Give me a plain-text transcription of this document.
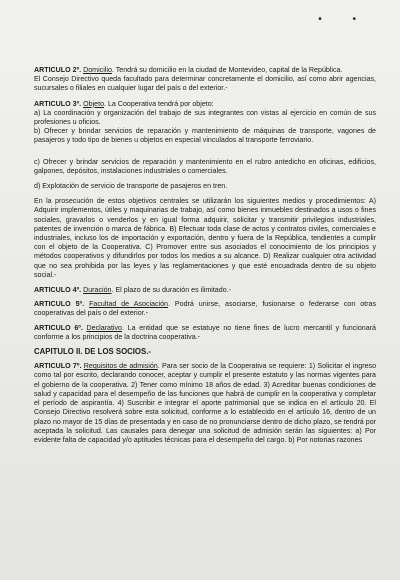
• •

ARTICULO 2º. Domicilio. Tendrá su domicilio en la ciudad de Montevideo, capital de la República.

El Consejo Directivo queda facultado para determinar concretamente el domicilio, así como abrir agencias, sucursales o filiales en cualquier lugar del país o del exterior.-

ARTICULO 3º. Objeto. La Cooperativa tendrá por objeto:

a) La coordinación y organización del trabajo de sus integrantes con vistas al ejercicio en común de sus profesiones u oficios.

b) Ofrecer y brindar servicios de reparación y mantenimiento de máquinas de transporte, vagones de pasajeros y todo tipo de bienes u objetos en especial vinculados al transporte ferroviario.

c) Ofrecer y brindar servicios de reparación y mantenimiento en el rubro antedicho en oficinas, edificios, galpones, depósitos, instalaciones industriales o comerciales.

d) Explotación de servicio de transporte de pasajeros en tren.

En la prosecución de estos objetivos centrales se utilizarán los siguientes medios y procedimientos: A) Adquirir implementos, útiles y maquinarias de trabajo, así como bienes inmuebles destinados a usos o fines sociales, gravarlos o venderlos y en igual forma adquirir, solicitar y transmitir privilegios industriales, patentes de invención o marca de fábrica. B) Efectuar toda clase de actos y contratos civiles, comerciales e industriales, incluso los de importación y exportación, dentro y fuera de la República, tendientes a cumplir con el objeto de la Cooperativa. C) Promover entre sus asociados el conocimiento de los principios y métodos cooperativos y difundirlos por todos los medios a su alcance. D) Realizar cualquier otra actividad que no sea prohibida por las leyes y las reglamentaciones y que esté encuadrada dentro de su objeto social.-

ARTICULO 4º. Duración. El plazo de su duración es ilimitado.-

ARTICULO 5º. Facultad de Asociación. Podrá unirse, asociarse, fusionarse o federarse con otras cooperativas del país o del exterior.-

ARTICULO 6º. Declarativo. La entidad que se estatuye no tiene fines de lucro mercantil y funcionará conforme a los principios de la doctrina cooperativa.-

CAPITULO II. DE LOS SOCIOS.-

ARTICULO 7º. Requisitos de admisión. Para ser socio de la Cooperativa se requiere: 1) Solicitar el ingreso como tal por escrito, declarando conocer, aceptar y cumplir el presente estatuto y las normas vigentes para el gobierno de la cooperativa. 2) Tener como mínimo 18 años de edad. 3) Acreditar buenas condiciones de salud y capacidad para el desempeño de las funciones que habrá de cumplir en la cooperativa y completar el período de aspirantía. 4) Suscribir e integrar el aporte patrimonial que se indica en el artículo 20. El Consejo Directivo resolverá sobre esta solicitud, conforme a lo establecido en el artículo 16, dentro de un plazo no mayor de 15 días de presentada y en caso de no pronunciarse dentro de dicho plazo, se tendrá por aceptada la solicitud. Las causales para denegar una solicitud de admisión serán las siguientes: a) Por evidente falta de capacidad y/o aptitudes técnicas para el desempeño del cargo. b) Por notorias razones
